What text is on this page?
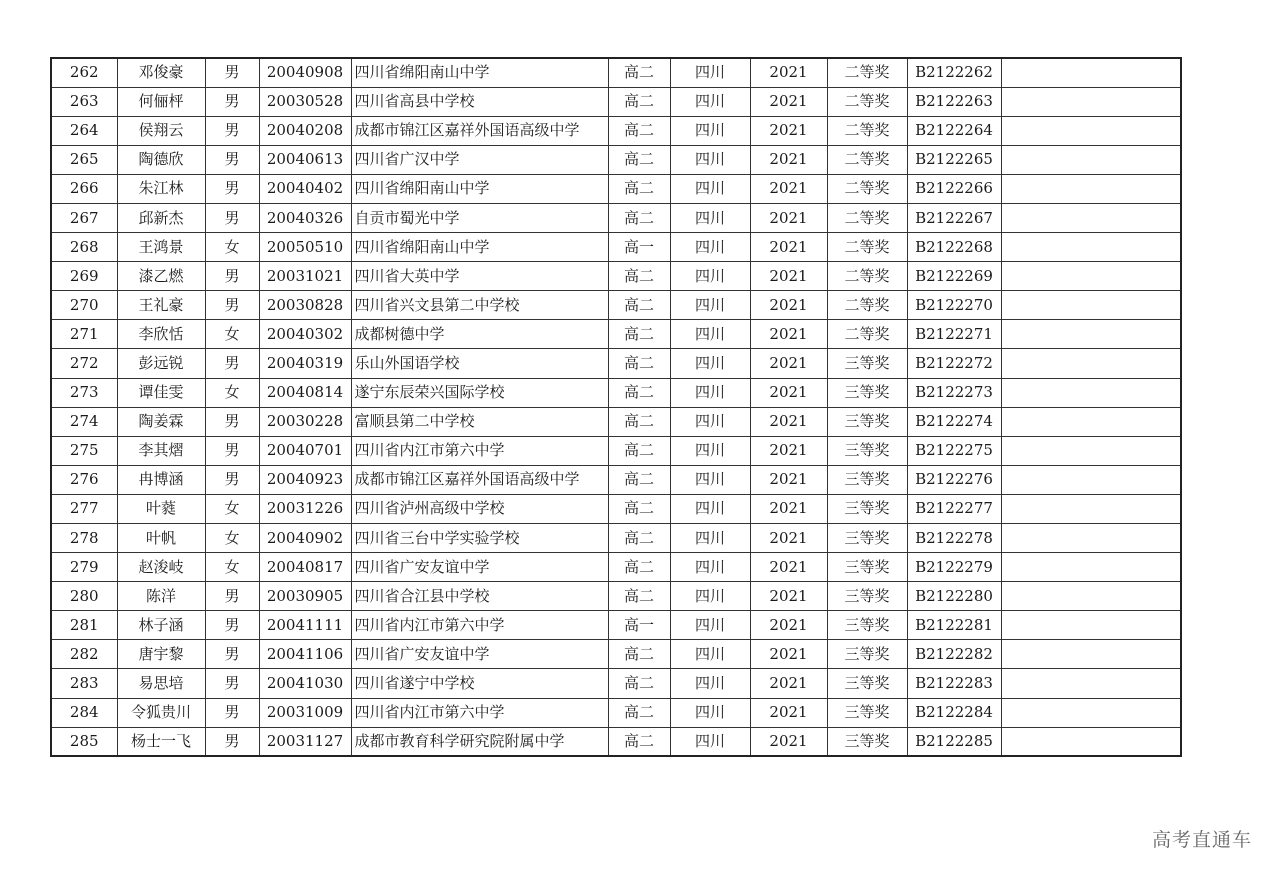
262	邓俊豪	男	20040908	四川省绵阳南山中学	高二	四川	2021	二等奖	B2122262	
263	何俪枰	男	20030528	四川省高县中学校	高二	四川	2021	二等奖	B2122263	
264	侯翔云	男	20040208	成都市锦江区嘉祥外国语高级中学	高二	四川	2021	二等奖	B2122264	
265	陶德欣	男	20040613	四川省广汉中学	高二	四川	2021	二等奖	B2122265	
266	朱江林	男	20040402	四川省绵阳南山中学	高二	四川	2021	二等奖	B2122266	
267	邱新杰	男	20040326	自贡市蜀光中学	高二	四川	2021	二等奖	B2122267	
268	王鸿景	女	20050510	四川省绵阳南山中学	高一	四川	2021	二等奖	B2122268	
269	漆乙燃	男	20031021	四川省大英中学	高二	四川	2021	二等奖	B2122269	
270	王礼豪	男	20030828	四川省兴文县第二中学校	高二	四川	2021	二等奖	B2122270	
271	李欣恬	女	20040302	成都树德中学	高二	四川	2021	二等奖	B2122271	
272	彭远锐	男	20040319	乐山外国语学校	高二	四川	2021	三等奖	B2122272	
273	谭佳雯	女	20040814	遂宁东辰荣兴国际学校	高二	四川	2021	三等奖	B2122273	
274	陶姜霖	男	20030228	富顺县第二中学校	高二	四川	2021	三等奖	B2122274	
275	李其熠	男	20040701	四川省内江市第六中学	高二	四川	2021	三等奖	B2122275	
276	冉博涵	男	20040923	成都市锦江区嘉祥外国语高级中学	高二	四川	2021	三等奖	B2122276	
277	叶蕤	女	20031226	四川省泸州高级中学校	高二	四川	2021	三等奖	B2122277	
278	叶帆	女	20040902	四川省三台中学实验学校	高二	四川	2021	三等奖	B2122278	
279	赵浚岐	女	20040817	四川省广安友谊中学	高二	四川	2021	三等奖	B2122279	
280	陈洋	男	20030905	四川省合江县中学校	高二	四川	2021	三等奖	B2122280	
281	林子涵	男	20041111	四川省内江市第六中学	高一	四川	2021	三等奖	B2122281	
282	唐宇黎	男	20041106	四川省广安友谊中学	高二	四川	2021	三等奖	B2122282	
283	易思培	男	20041030	四川省遂宁中学校	高二	四川	2021	三等奖	B2122283	
284	令狐贵川	男	20031009	四川省内江市第六中学	高二	四川	2021	三等奖	B2122284	
285	杨士一飞	男	20031127	成都市教育科学研究院附属中学	高二	四川	2021	三等奖	B2122285	
高考直通车
